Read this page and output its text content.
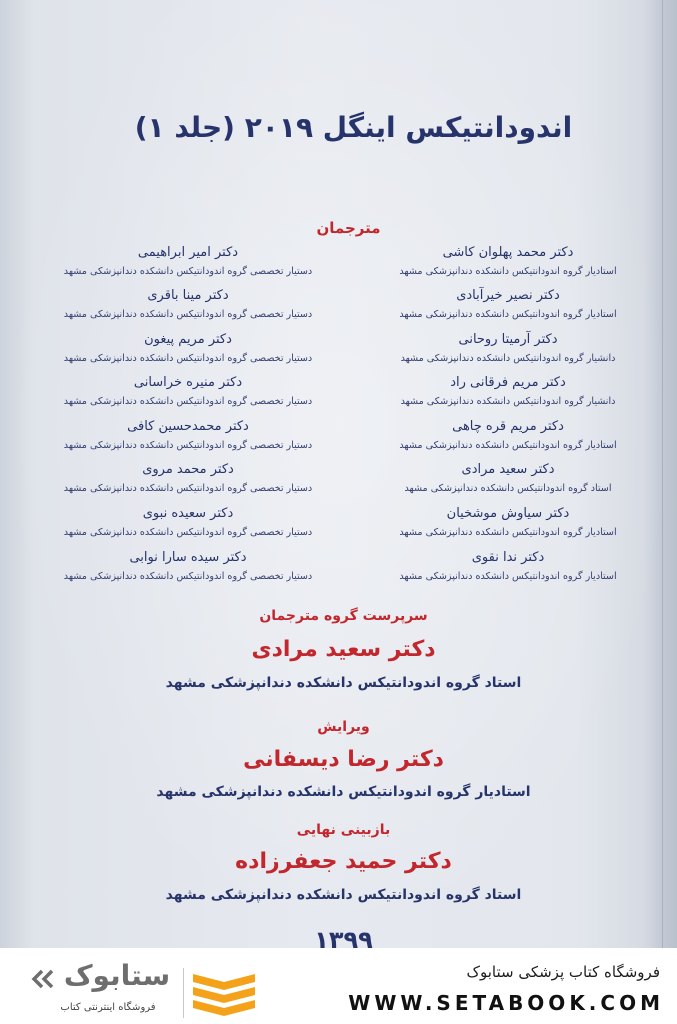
اندودانتیکس اینگل ۲۰۱۹ (جلد ۱)
مترجمان
دکتر محمد پهلوان کاشی
استادیار گروه اندودانتیکس دانشکده دندانپزشکی مشهد
دکتر نصیر خیرآبادی
استادیار گروه اندودانتیکس دانشکده دندانپزشکی مشهد
دکتر آرمیتا روحانی
دانشیار گروه اندودانتیکس دانشکده دندانپزشکی مشهد
دکتر مریم فرقانی راد
دانشیار گروه اندودانتیکس دانشکده دندانپزشکی مشهد
دکتر مریم قره چاهی
استادیار گروه اندودانتیکس دانشکده دندانپزشکی مشهد
دکتر سعید مرادی
استاد گروه اندودانتیکس دانشکده دندانپزشکی مشهد
دکتر سیاوش موشخیان
استادیار گروه اندودانتیکس دانشکده دندانپزشکی مشهد
دکتر ندا نقوی
استادیار گروه اندودانتیکس دانشکده دندانپزشکی مشهد
دکتر امیر ابراهیمی
دستیار تخصصی گروه اندودانتیکس دانشکده دندانپزشکی مشهد
دکتر مینا باقری
دستیار تخصصی گروه اندودانتیکس دانشکده دندانپزشکی مشهد
دکتر مریم پیغون
دستیار تخصصی گروه اندودانتیکس دانشکده دندانپزشکی مشهد
دکتر منیره خراسانی
دستیار تخصصی گروه اندودانتیکس دانشکده دندانپزشکی مشهد
دکتر محمدحسین کافی
دستیار تخصصی گروه اندودانتیکس دانشکده دندانپزشکی مشهد
دکتر محمد مروی
دستیار تخصصی گروه اندودانتیکس دانشکده دندانپزشکی مشهد
دکتر سعیده نبوی
دستیار تخصصی گروه اندودانتیکس دانشکده دندانپزشکی مشهد
دکتر سیده سارا نوابی
دستیار تخصصی گروه اندودانتیکس دانشکده دندانپزشکی مشهد
سرپرست گروه مترجمان
دکتر سعید مرادی
استاد گروه اندودانتیکس دانشکده دندانپزشکی مشهد
ویرایش
دکتر رضا دیسفانی
استادیار گروه اندودانتیکس دانشکده دندانپزشکی مشهد
بازبینی نهایی
دکتر حمید جعفرزاده
استاد گروه اندودانتیکس دانشکده دندانپزشکی مشهد
۱۳۹۹
ستابوک
فروشگاه اینترنتی کتاب
فروشگاه کتاب پزشکی ستابوک
WWW.SETABOOK.COM
